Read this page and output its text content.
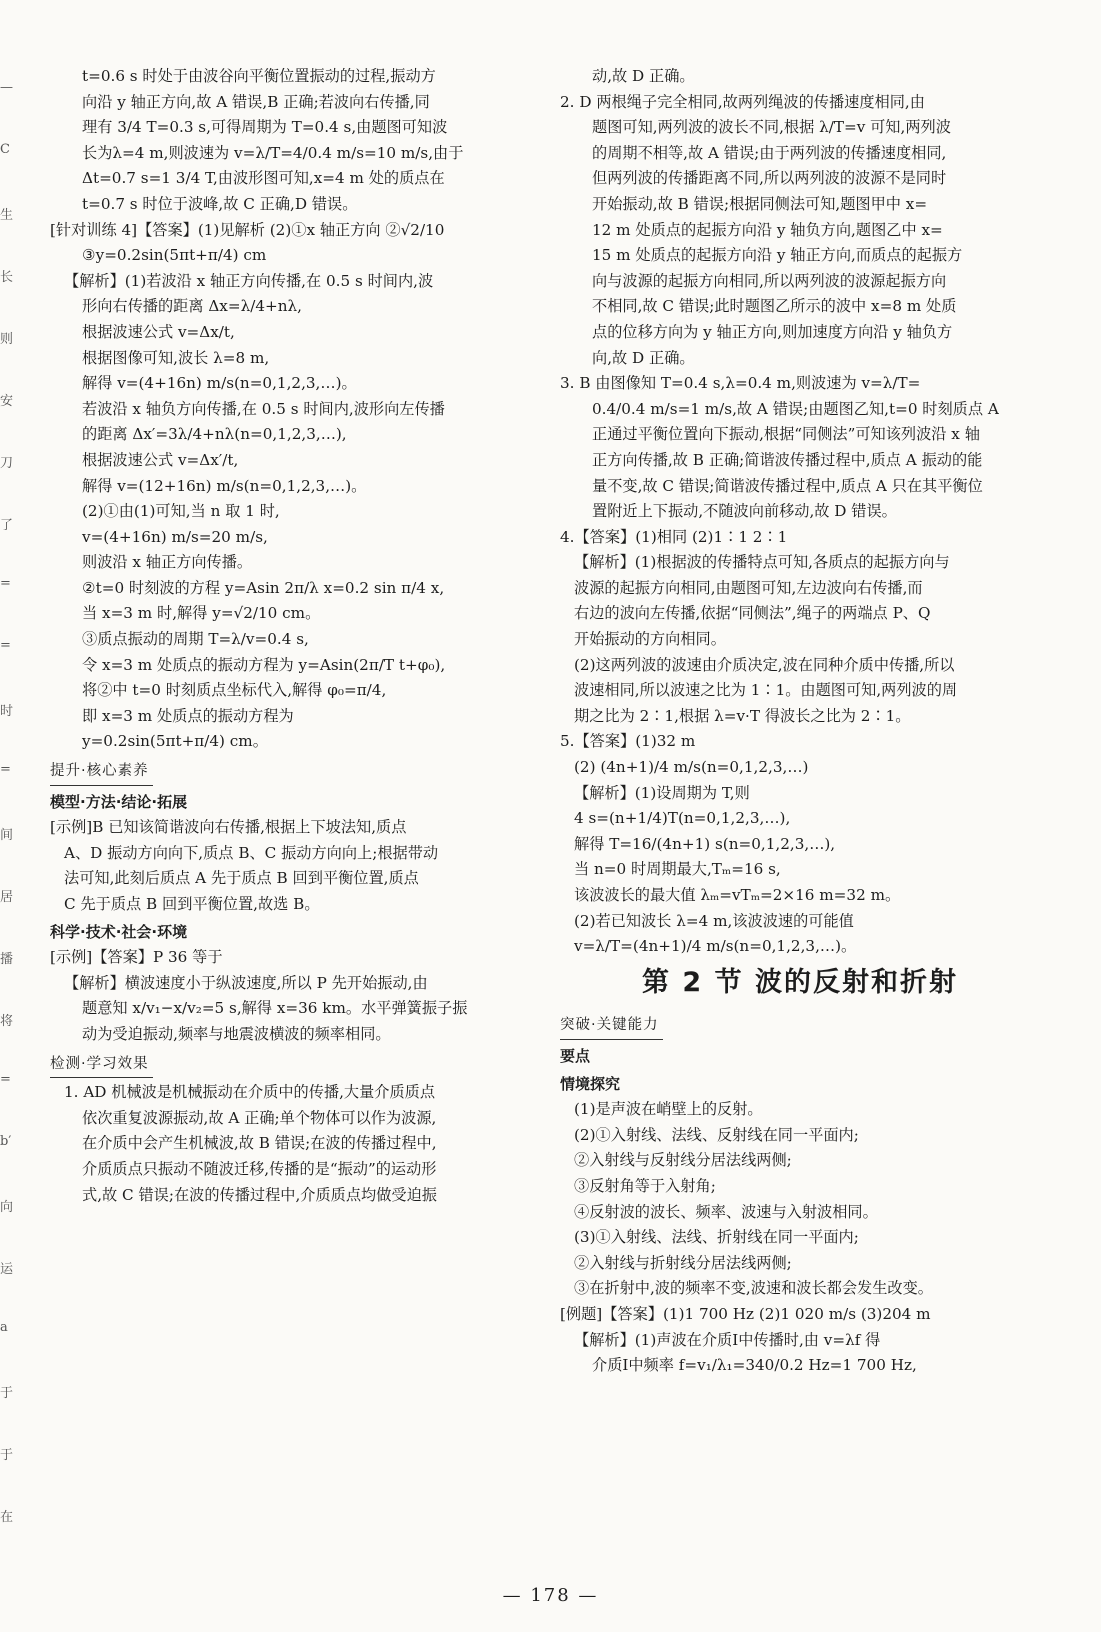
—
C
生
长
则
安
刀
了
=
=
时
=
间
居
播
将
=
b′
向
运
a
于
于
在
t=0.6 s 时处于由波谷向平衡位置振动的过程,振动方
向沿 y 轴正方向,故 A 错误,B 正确;若波向右传播,同
理有 3/4 T=0.3 s,可得周期为 T=0.4 s,由题图可知波
长为λ=4 m,则波速为 v=λ/T=4/0.4 m/s=10 m/s,由于
Δt=0.7 s=1 3/4 T,由波形图可知,x=4 m 处的质点在
t=0.7 s 时位于波峰,故 C 正确,D 错误。
[针对训练 4]【答案】(1)见解析 (2)①x 轴正方向 ②√2/10
③y=0.2sin(5πt+π/4) cm
【解析】(1)若波沿 x 轴正方向传播,在 0.5 s 时间内,波
形向右传播的距离 Δx=λ/4+nλ,
根据波速公式 v=Δx/t,
根据图像可知,波长 λ=8 m,
解得 v=(4+16n) m/s(n=0,1,2,3,…)。
若波沿 x 轴负方向传播,在 0.5 s 时间内,波形向左传播
的距离 Δx′=3λ/4+nλ(n=0,1,2,3,…),
根据波速公式 v=Δx′/t,
解得 v=(12+16n) m/s(n=0,1,2,3,…)。
(2)①由(1)可知,当 n 取 1 时,
v=(4+16n) m/s=20 m/s,
则波沿 x 轴正方向传播。
②t=0 时刻波的方程 y=Asin 2π/λ x=0.2 sin π/4 x,
当 x=3 m 时,解得 y=√2/10 cm。
③质点振动的周期 T=λ/v=0.4 s,
令 x=3 m 处质点的振动方程为 y=Asin(2π/T t+φ₀),
将②中 t=0 时刻质点坐标代入,解得 φ₀=π/4,
即 x=3 m 处质点的振动方程为
y=0.2sin(5πt+π/4) cm。
提升·核心素养
模型·方法·结论·拓展
[示例]B 已知该简谐波向右传播,根据上下坡法知,质点
A、D 振动方向向下,质点 B、C 振动方向向上;根据带动
法可知,此刻后质点 A 先于质点 B 回到平衡位置,质点
C 先于质点 B 回到平衡位置,故选 B。
科学·技术·社会·环境
[示例]【答案】P 36 等于
【解析】横波速度小于纵波速度,所以 P 先开始振动,由
题意知 x/v₁−x/v₂=5 s,解得 x=36 km。水平弹簧振子振
动为受迫振动,频率与地震波横波的频率相同。
检测·学习效果
1. AD 机械波是机械振动在介质中的传播,大量介质质点
依次重复波源振动,故 A 正确;单个物体可以作为波源,
在介质中会产生机械波,故 B 错误;在波的传播过程中,
介质质点只振动不随波迁移,传播的是“振动”的运动形
式,故 C 错误;在波的传播过程中,介质质点均做受迫振
动,故 D 正确。
2. D 两根绳子完全相同,故两列绳波的传播速度相同,由
题图可知,两列波的波长不同,根据 λ/T=v 可知,两列波
的周期不相等,故 A 错误;由于两列波的传播速度相同,
但两列波的传播距离不同,所以两列波的波源不是同时
开始振动,故 B 错误;根据同侧法可知,题图甲中 x=
12 m 处质点的起振方向沿 y 轴负方向,题图乙中 x=
15 m 处质点的起振方向沿 y 轴正方向,而质点的起振方
向与波源的起振方向相同,所以两列波的波源起振方向
不相同,故 C 错误;此时题图乙所示的波中 x=8 m 处质
点的位移方向为 y 轴正方向,则加速度方向沿 y 轴负方
向,故 D 正确。
3. B 由图像知 T=0.4 s,λ=0.4 m,则波速为 v=λ/T=
0.4/0.4 m/s=1 m/s,故 A 错误;由题图乙知,t=0 时刻质点 A
正通过平衡位置向下振动,根据“同侧法”可知该列波沿 x 轴
正方向传播,故 B 正确;简谐波传播过程中,质点 A 振动的能
量不变,故 C 错误;简谐波传播过程中,质点 A 只在其平衡位
置附近上下振动,不随波向前移动,故 D 错误。
4.【答案】(1)相同 (2)1∶1 2∶1
【解析】(1)根据波的传播特点可知,各质点的起振方向与
波源的起振方向相同,由题图可知,左边波向右传播,而
右边的波向左传播,依据“同侧法”,绳子的两端点 P、Q
开始振动的方向相同。
(2)这两列波的波速由介质决定,波在同种介质中传播,所以
波速相同,所以波速之比为 1∶1。由题图可知,两列波的周
期之比为 2∶1,根据 λ=v·T 得波长之比为 2∶1。
5.【答案】(1)32 m
(2) (4n+1)/4 m/s(n=0,1,2,3,…)
【解析】(1)设周期为 T,则
4 s=(n+1/4)T(n=0,1,2,3,…),
解得 T=16/(4n+1) s(n=0,1,2,3,…),
当 n=0 时周期最大,Tₘ=16 s,
该波波长的最大值 λₘ=vTₘ=2×16 m=32 m。
(2)若已知波长 λ=4 m,该波波速的可能值
v=λ/T=(4n+1)/4 m/s(n=0,1,2,3,…)。
第 2 节 波的反射和折射
突破·关键能力
要点
情境探究
(1)是声波在峭壁上的反射。
(2)①入射线、法线、反射线在同一平面内;
②入射线与反射线分居法线两侧;
③反射角等于入射角;
④反射波的波长、频率、波速与入射波相同。
(3)①入射线、法线、折射线在同一平面内;
②入射线与折射线分居法线两侧;
③在折射中,波的频率不变,波速和波长都会发生改变。
[例题]【答案】(1)1 700 Hz (2)1 020 m/s (3)204 m
【解析】(1)声波在介质Ⅰ中传播时,由 v=λf 得
介质Ⅰ中频率 f=v₁/λ₁=340/0.2 Hz=1 700 Hz,
— 178 —
